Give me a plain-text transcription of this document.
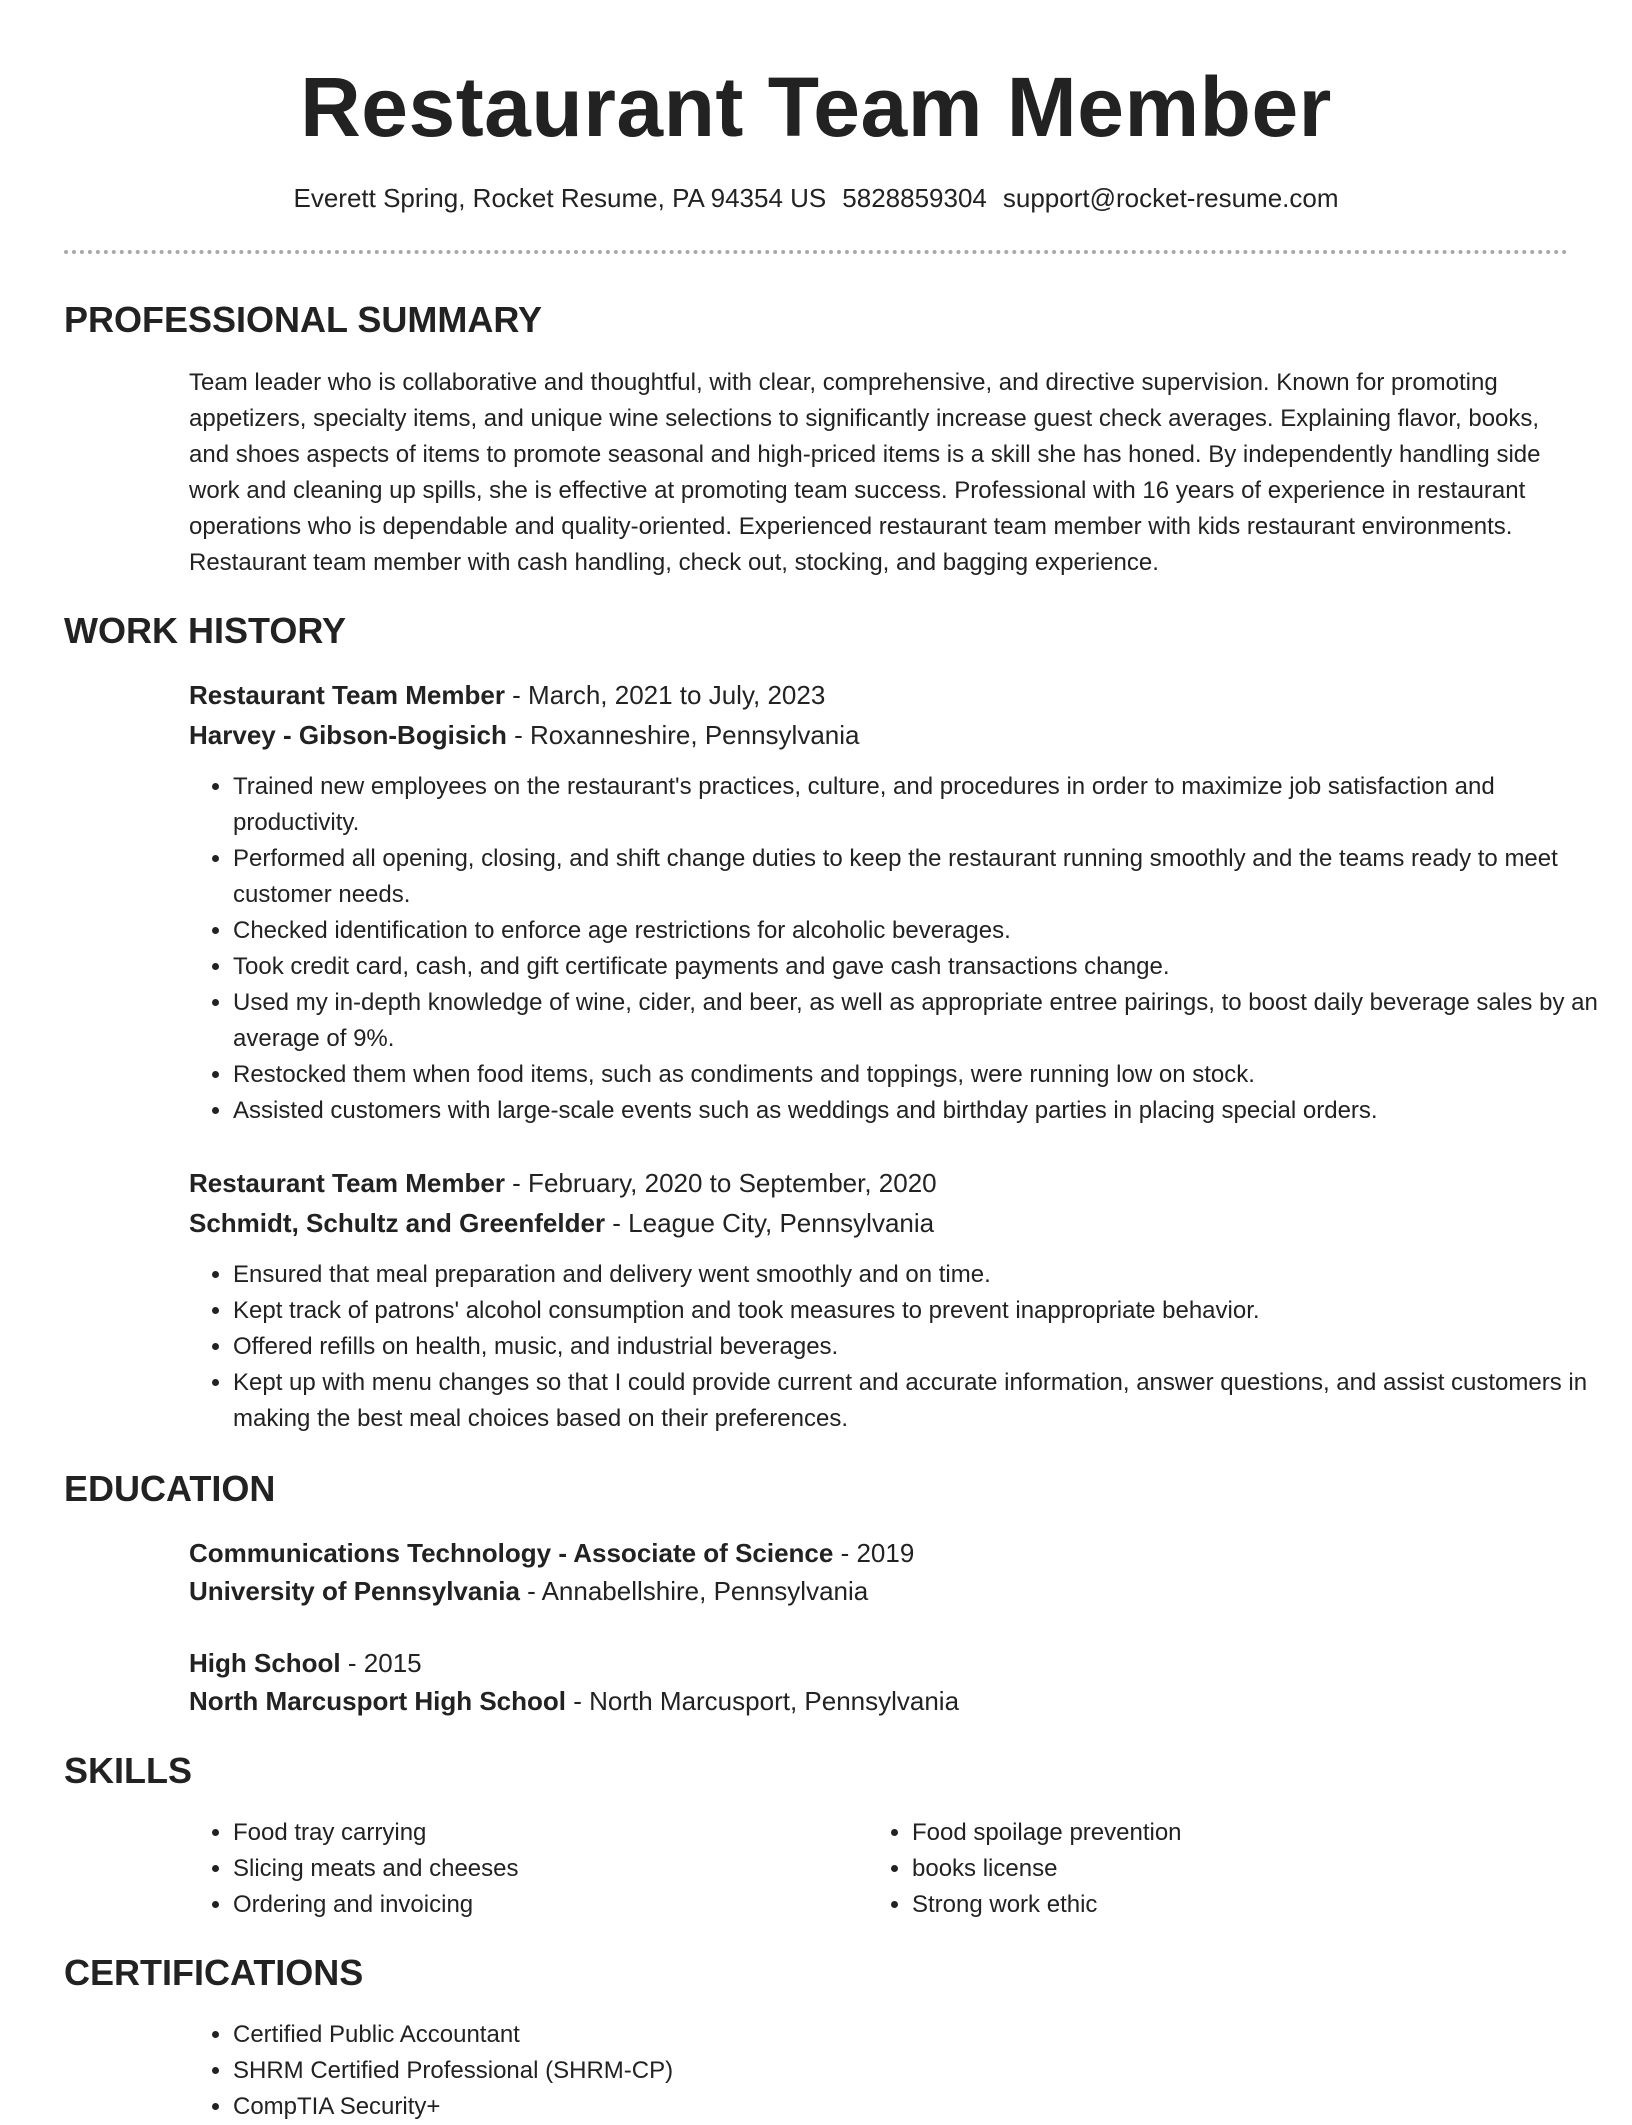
Restaurant Team Member
Everett Spring, Rocket Resume, PA 94354 US 5828859304 support@rocket-resume.com
PROFESSIONAL SUMMARY

Team leader who is collaborative and thoughtful, with clear, comprehensive, and directive supervision. Known for promoting appetizers, specialty items, and unique wine selections to significantly increase guest check averages. Explaining flavor, books, and shoes aspects of items to promote seasonal and high-priced items is a skill she has honed. By independently handling side work and cleaning up spills, she is effective at promoting team success. Professional with 16 years of experience in restaurant operations who is dependable and quality-oriented. Experienced restaurant team member with kids restaurant environments. Restaurant team member with cash handling, check out, stocking, and bagging experience.

WORK HISTORY
Restaurant Team Member - March, 2021 to July, 2023
Harvey - Gibson-Bogisich - Roxanneshire, Pennsylvania
• Trained new employees on the restaurant's practices, culture, and procedures in order to maximize job satisfaction and productivity.
• Performed all opening, closing, and shift change duties to keep the restaurant running smoothly and the teams ready to meet customer needs.
• Checked identification to enforce age restrictions for alcoholic beverages.
• Took credit card, cash, and gift certificate payments and gave cash transactions change.
• Used my in-depth knowledge of wine, cider, and beer, as well as appropriate entree pairings, to boost daily beverage sales by an average of 9%.
• Restocked them when food items, such as condiments and toppings, were running low on stock.
• Assisted customers with large-scale events such as weddings and birthday parties in placing special orders.
Restaurant Team Member - February, 2020 to September, 2020
Schmidt, Schultz and Greenfelder - League City, Pennsylvania
• Ensured that meal preparation and delivery went smoothly and on time.
• Kept track of patrons' alcohol consumption and took measures to prevent inappropriate behavior.
• Offered refills on health, music, and industrial beverages.
• Kept up with menu changes so that I could provide current and accurate information, answer questions, and assist customers in making the best meal choices based on their preferences.
EDUCATION
Communications Technology - Associate of Science - 2019
University of Pennsylvania - Annabellshire, Pennsylvania
High School - 2015
North Marcusport High School - North Marcusport, Pennsylvania
SKILLS
• Food tray carrying
• Slicing meats and cheeses
• Ordering and invoicing
• Food spoilage prevention
• books license
• Strong work ethic
CERTIFICATIONS
• Certified Public Accountant
• SHRM Certified Professional (SHRM-CP)
• CompTIA Security+
